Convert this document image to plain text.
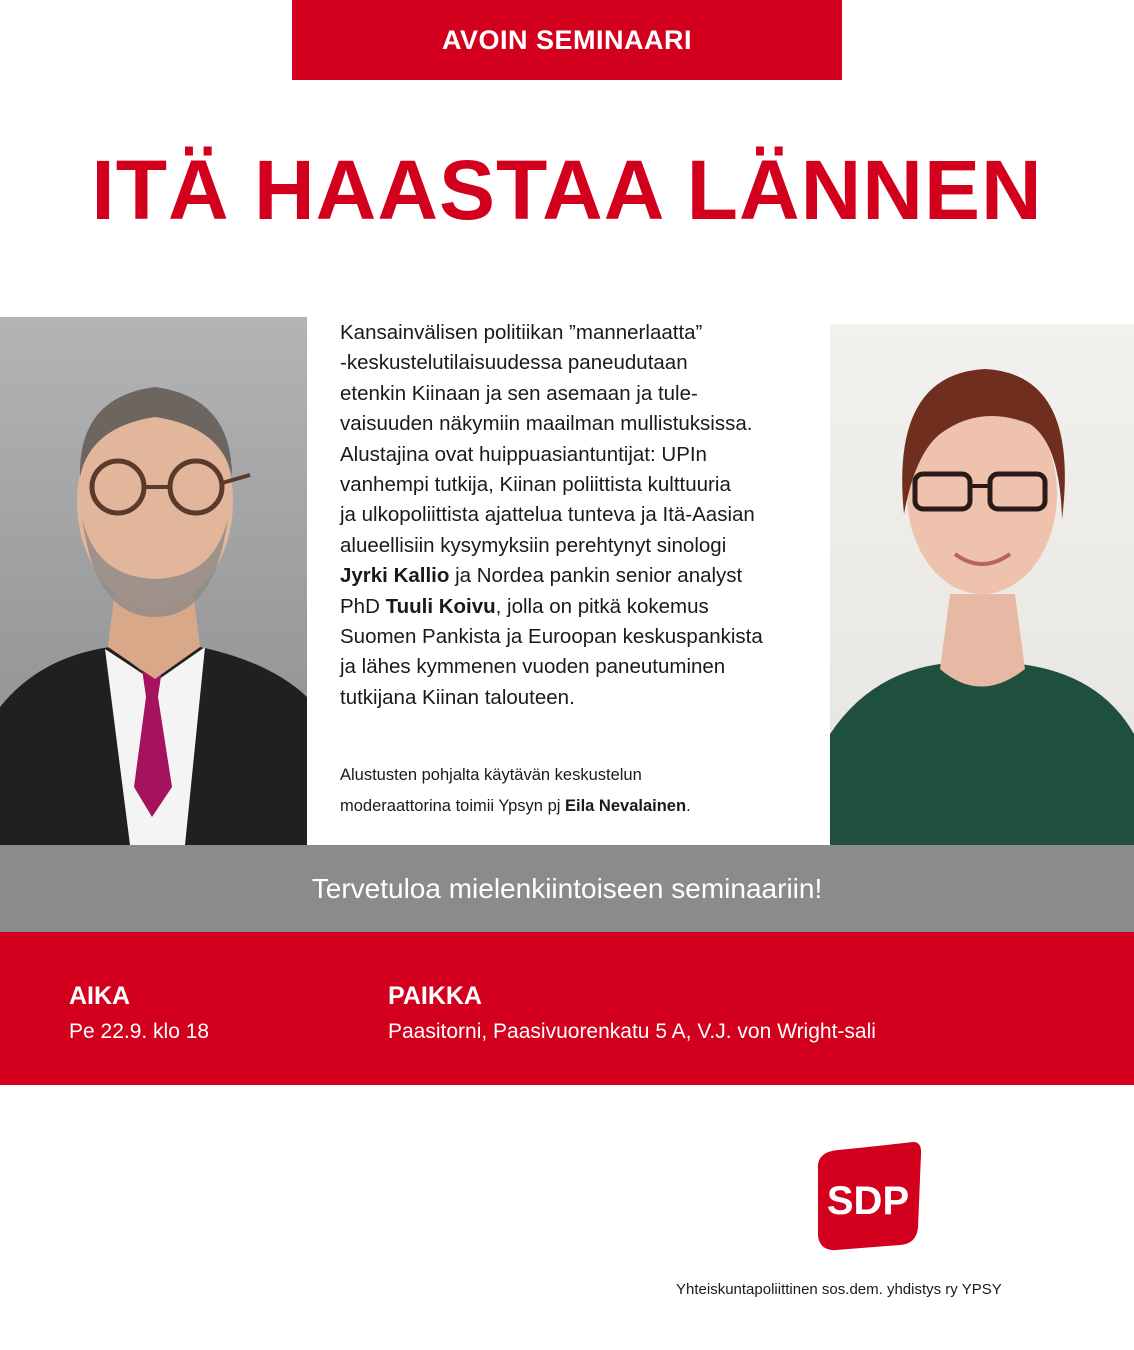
AVOIN SEMINAARI
ITÄ HAASTAA LÄNNEN

Kansainvälisen politiikan ”mannerlaatta”

-keskustelutilaisuudessa paneudutaan

etenkin Kiinaan ja sen asemaan ja tule-

vaisuuden näkymiin maailman mullistuksissa.

Alustajina ovat huippuasiantuntijat: UPIn

vanhempi tutkija, Kiinan poliittista kulttuuria

ja ulkopoliittista ajattelua tunteva ja Itä-Aasian

alueellisiin kysymyksiin perehtynyt sinologi

Jyrki Kallio ja Nordea pankin senior analyst

PhD Tuuli Koivu, jolla on pitkä kokemus

Suomen Pankista ja Euroopan keskuspankista

ja lähes kymmenen vuoden paneutuminen

tutkijana Kiinan talouteen.

Alustusten pohjalta käytävän keskustelun
moderaattorina toimii Ypsyn pj Eila Nevalainen.
Tervetuloa mielenkiintoiseen seminaariin!
AIKA
Pe 22.9. klo 18
PAIKKA
Paasitorni, Paasivuorenkatu 5 A, V.J. von Wright-sali
SDP
Yhteiskuntapoliittinen sos.dem. yhdistys ry YPSY
